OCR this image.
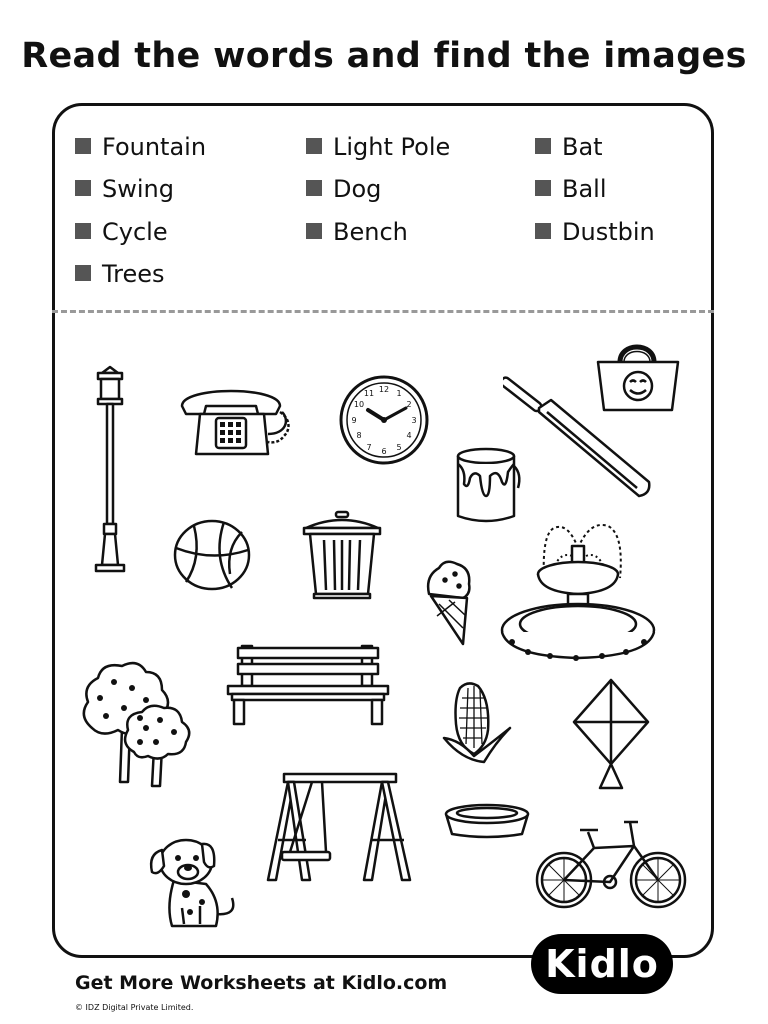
Read the words and find the images
Fountain
Swing
Cycle
Trees
Light Pole
Dog
Bench
Bat
Ball
Dustbin
12 1
2
3
4
5
6
7
8
9
10
11
Get More Worksheets at Kidlo.com
© IDZ Digital Private Limited.
Kidlo
